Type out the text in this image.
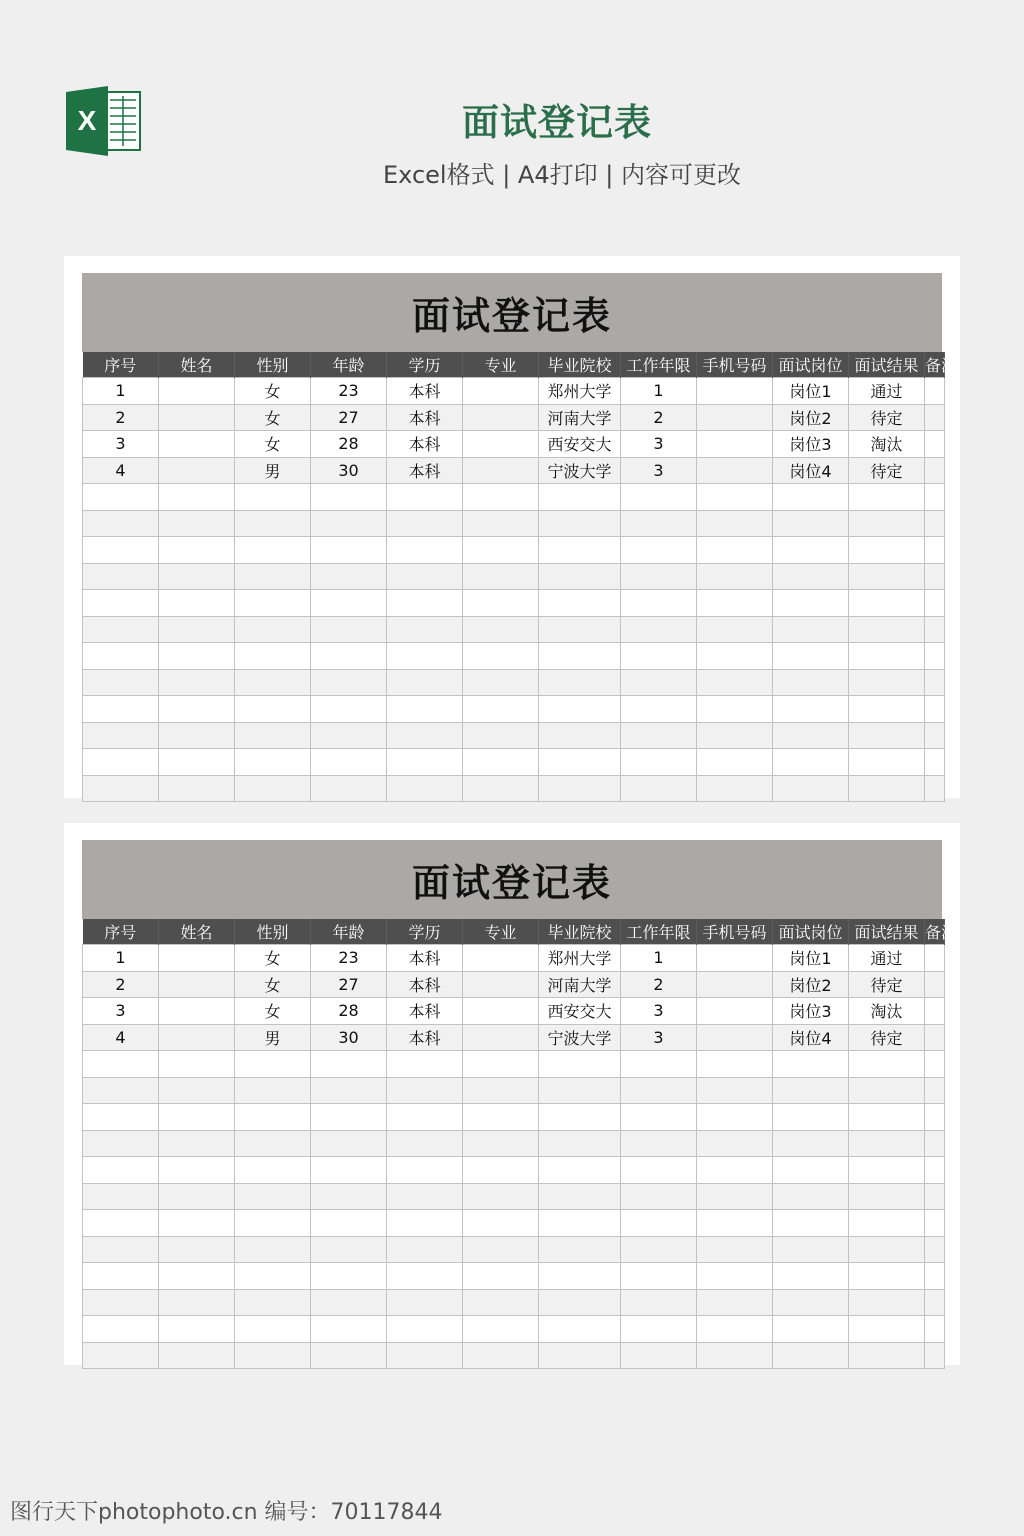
X	面试登记表
Excel格式 | A4打印 | 内容可更改
面试登记表
序号	姓名	性别	年龄	学历	专业	毕业院校	工作年限	手机号码	面试岗位	面试结果	备注
1		女	23	本科		郑州大学	1		岗位1	通过	
2		女	27	本科		河南大学	2		岗位2	待定	
3		女	28	本科		西安交大	3		岗位3	淘汰	
4		男	30	本科		宁波大学	3		岗位4	待定	

面试登记表
序号	姓名	性别	年龄	学历	专业	毕业院校	工作年限	手机号码	面试岗位	面试结果	备注
1		女	23	本科		郑州大学	1		岗位1	通过	
2		女	27	本科		河南大学	2		岗位2	待定	
3		女	28	本科		西安交大	3		岗位3	淘汰	
4		男	30	本科		宁波大学	3		岗位4	待定	

图行天下photophoto.cn 编号：70117844
